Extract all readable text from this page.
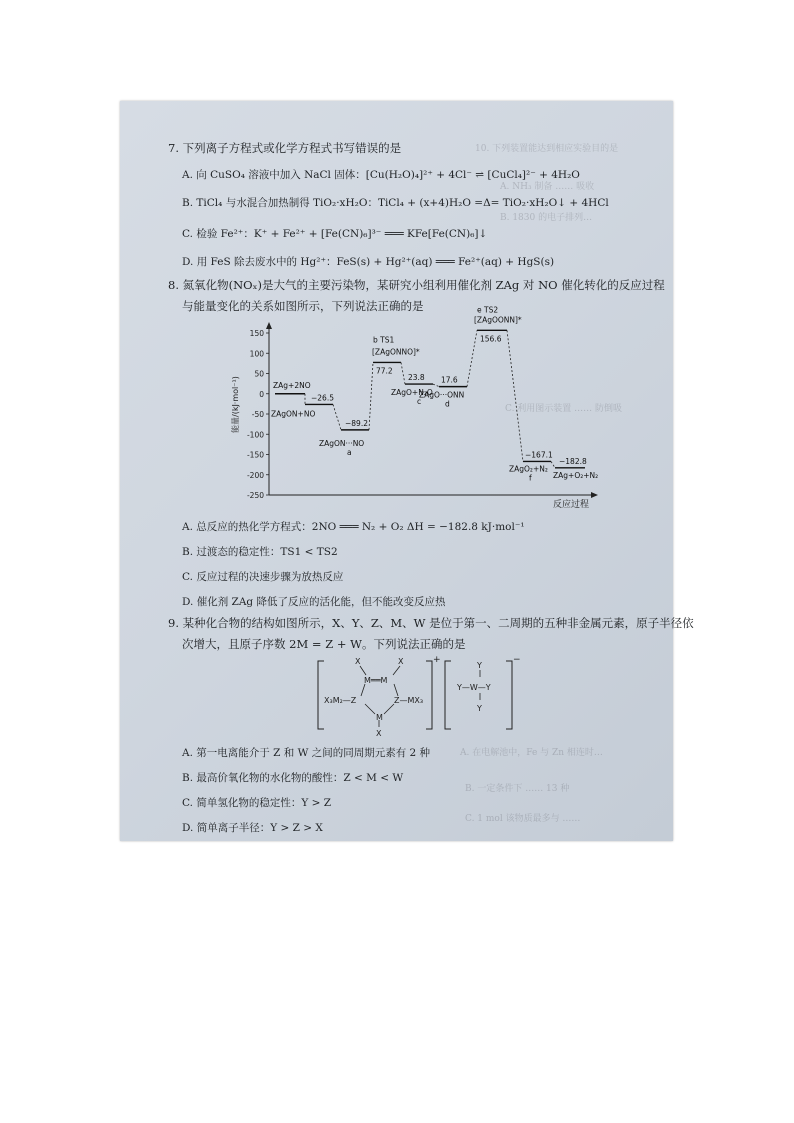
10. 下列装置能达到相应实验目的是
A. NH₃ 制备 …… 吸收
B. 1830 的电子排列…
C. 利用图示装置 …… 防倒吸
A. 在电解池中，Fe 与 Zn 相连时…
B. 一定条件下 …… 13 种
C. 1 mol 该物质最多与 ……
7. 下列离子方程式或化学方程式书写错误的是
A. 向 CuSO₄ 溶液中加入 NaCl 固体：[Cu(H₂O)₄]²⁺ + 4Cl⁻ ⇌ [CuCl₄]²⁻ + 4H₂O
B. TiCl₄ 与水混合加热制得 TiO₂·xH₂O：TiCl₄ + (x+4)H₂O =Δ= TiO₂·xH₂O↓ + 4HCl
C. 检验 Fe²⁺：K⁺ + Fe²⁺ + [Fe(CN)₆]³⁻ ═══ KFe[Fe(CN)₆]↓
D. 用 FeS 除去废水中的 Hg²⁺：FeS(s) + Hg²⁺(aq) ═══ Fe²⁺(aq) + HgS(s)
8. 氮氧化物(NOₓ)是大气的主要污染物，某研究小组利用催化剂 ZAg 对 NO 催化转化的反应过程
与能量变化的关系如图所示，下列说法正确的是
反应过程
能量/(kJ·mol⁻¹)
150
100
50
0
-50
-100
-150
-200
-250
ZAg+2NO
−26.5
ZAgON+NO
−89.2
ZAgON···NO
a
77.2
[ZAgONNO]*
b TS1
23.8
ZAgO+N₂O
c
17.6
ZAgO···ONN
d
156.6
[ZAgOONN]*
e TS2
−167.1
ZAgO₂+N₂
f
−182.8
ZAg+O₂+N₂
A. 总反应的热化学方程式：2NO ═══ N₂ + O₂ ΔH = −182.8 kJ·mol⁻¹
B. 过渡态的稳定性：TS1 < TS2
C. 反应过程的决速步骤为放热反应
D. 催化剂 ZAg 降低了反应的活化能，但不能改变反应热
9. 某种化合物的结构如图所示，X、Y、Z、M、W 是位于第一、二周期的五种非金属元素，原子半径依
次增大，且原子序数 2M = Z + W。下列说法正确的是
X	X
M══M
X₃M₂—Z	Z—MX₃
M
X
+	−
Y
Y—W—Y
Y
A. 第一电离能介于 Z 和 W 之间的同周期元素有 2 种
B. 最高价氧化物的水化物的酸性：Z < M < W
C. 简单氢化物的稳定性：Y > Z
D. 简单离子半径：Y > Z > X
